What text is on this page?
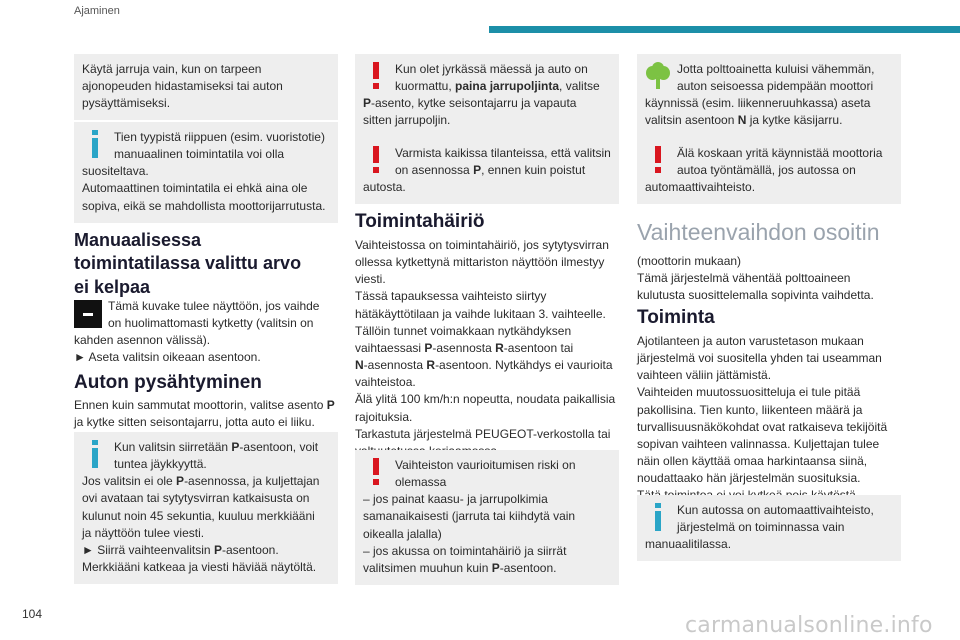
Ajaminen

Käytä jarruja vain, kun on tarpeen

ajonopeuden hidastamiseksi tai auton

pysäyttämiseksi.

Tien tyypistä riippuen (esim. vuoristotie)

manuaalinen toimintatila voi olla

suositeltava.

Automaattinen toimintatila ei ehkä aina ole

sopiva, eikä se mahdollista moottorijarrutusta.

Manuaalisessa
toimintatilassa valittu arvo
ei kelpaa

Tämä kuvake tulee näyttöön, jos vaihde

on huolimattomasti kytketty (valitsin on

kahden asennon välissä).

► Aseta valitsin oikeaan asentoon.

Auton pysähtyminen

Ennen kuin sammutat moottorin, valitse asento P

ja kytke sitten seisontajarru, jotta auto ei liiku.

Kun valitsin siirretään P-asentoon, voit

tuntea jäykkyyttä.

Jos valitsin ei ole P-asennossa, ja kuljettajan

ovi avataan tai sytytysvirran katkaisusta on

kulunut noin 45 sekuntia, kuuluu merkkiääni

ja näyttöön tulee viesti.

► Siirrä vaihteenvalitsin P-asentoon.

Merkkiääni katkeaa ja viesti häviää näytöltä.

Kun olet jyrkässä mäessä ja auto on

kuormattu, paina jarrupoljinta, valitse

P-asento, kytke seisontajarru ja vapauta

sitten jarrupoljin.

Varmista kaikissa tilanteissa, että valitsin

on asennossa P, ennen kuin poistut

autosta.

Toimintahäiriö

Vaihteistossa on toimintahäiriö, jos sytytysvirran

ollessa kytkettynä mittariston näyttöön ilmestyy

viesti.

Tässä tapauksessa vaihteisto siirtyy

hätäkäyttötilaan ja vaihde lukitaan 3. vaihteelle.

Tällöin tunnet voimakkaan nytkähdyksen

vaihtaessasi P-asennosta R-asentoon tai

N-asennosta R-asentoon. Nytkähdys ei vaurioita

vaihteistoa.

Älä ylitä 100 km/h:n nopeutta, noudata paikallisia

rajoituksia.

Tarkastuta järjestelmä PEUGEOT-verkostolla tai

Vaihteiston vaurioitumisen riski on

olemassa

– jos painat kaasu- ja jarrupolkimia

samanaikaisesti (jarruta tai kiihdytä vain

oikealla jalalla)

– jos akussa on toimintahäiriö ja siirrät

valitsimen muuhun kuin P-asentoon.

Jotta polttoainetta kuluisi vähemmän,

auton seisoessa pidempään moottori

käynnissä (esim. liikenneruuhkassa) aseta

valitsin asentoon N ja kytke käsijarru.

Älä koskaan yritä käynnistää moottoria

autoa työntämällä, jos autossa on

automaattivaihteisto.

Vaihteenvaihdon osoitin

(moottorin mukaan)

Tämä järjestelmä vähentää polttoaineen

kulutusta suosittelemalla sopivinta vaihdetta.

Toiminta

Ajotilanteen ja auton varustetason mukaan

järjestelmä voi suositella yhden tai useamman

vaihteen väliin jättämistä.

Vaihteiden muutossuositteluja ei tule pitää

pakollisina. Tien kunto, liikenteen määrä ja

turvallisuusnäkökohdat ovat ratkaiseva tekijöitä

sopivan vaihteen valinnassa. Kuljettajan tulee

näin ollen käyttää omaa harkintaansa siinä,

noudattaako hän järjestelmän suosituksia.

Kun autossa on automaattivaihteisto,

järjestelmä on toiminnassa vain

manuaalitilassa.

104	carmanualsonline.info
